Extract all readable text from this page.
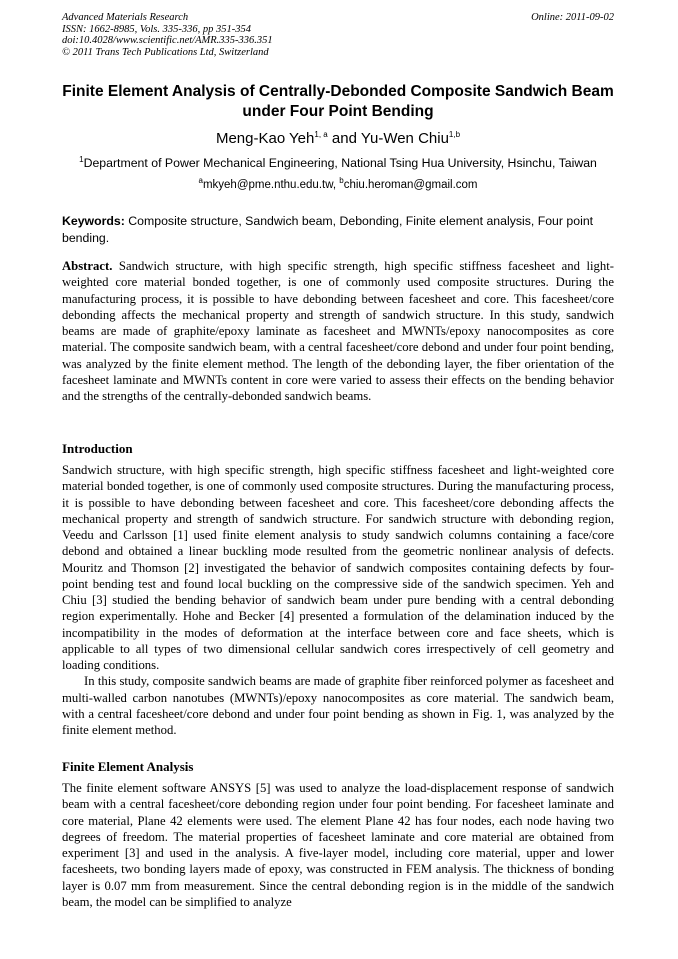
Advanced Materials Research
ISSN: 1662-8985, Vols. 335-336, pp 351-354
doi:10.4028/www.scientific.net/AMR.335-336.351
© 2011 Trans Tech Publications Ltd, Switzerland
Online: 2011-09-02
Finite Element Analysis of Centrally-Debonded Composite Sandwich Beam under Four Point Bending
Meng-Kao Yeh$^{1, a}$ and Yu-Wen Chiu$^{1,b}$
$^1$Department of Power Mechanical Engineering, National Tsing Hua University, Hsinchu, Taiwan
$^a$mkyeh@pme.nthu.edu.tw, $^b$chiu.heroman@gmail.com
Keywords: Composite structure, Sandwich beam, Debonding, Finite element analysis, Four point bending.
Abstract. Sandwich structure, with high specific strength, high specific stiffness facesheet and light-weighted core material bonded together, is one of commonly used composite structures. During the manufacturing process, it is possible to have debonding between facesheet and core. This facesheet/core debonding affects the mechanical property and strength of sandwich structure. In this study, sandwich beams are made of graphite/epoxy laminate as facesheet and MWNTs/epoxy nanocomposites as core material. The composite sandwich beam, with a central facesheet/core debond and under four point bending, was analyzed by the finite element method. The length of the debonding layer, the fiber orientation of the facesheet laminate and MWNTs content in core were varied to assess their effects on the bending behavior and the strengths of the centrally-debonded sandwich beams.
Introduction

Sandwich structure, with high specific strength, high specific stiffness facesheet and light-weighted core material bonded together, is one of commonly used composite structures. During the manufacturing process, it is possible to have debonding between facesheet and core. This facesheet/core debonding affects the mechanical property and strength of sandwich structure. For sandwich structure with debonding region, Veedu and Carlsson [1] used finite element analysis to study sandwich columns containing a face/core debond and obtained a linear buckling mode resulted from the geometric nonlinear analysis of defects. Mouritz and Thomson [2] investigated the behavior of sandwich composites containing defects by four-point bending test and found local buckling on the compressive side of the sandwich specimen. Yeh and Chiu [3] studied the bending behavior of sandwich beam under pure bending with a central debonding region experimentally. Hohe and Becker [4] presented a formulation of the delamination induced by the incompatibility in the modes of deformation at the interface between core and face sheets, which is applicable to all types of two dimensional cellular sandwich cores irrespectively of cell geometry and loading conditions.

In this study, composite sandwich beams are made of graphite fiber reinforced polymer as facesheet and multi-walled carbon nanotubes (MWNTs)/epoxy nanocomposites as core material. The sandwich beam, with a central facesheet/core debond and under four point bending as shown in Fig. 1, was analyzed by the finite element method.

Finite Element Analysis

The finite element software ANSYS [5] was used to analyze the load-displacement response of sandwich beam with a central facesheet/core debonding region under four point bending. For facesheet laminate and core material, Plane 42 elements were used. The element Plane 42 has four nodes, each node having two degrees of freedom. The material properties of facesheet laminate and core material are obtained from experiment [3] and used in the analysis. A five-layer model, including core material, upper and lower facesheets, two bonding layers made of epoxy, was constructed in FEM analysis. The thickness of bonding layer is 0.07 mm from measurement. Since the central debonding region is in the middle of the sandwich beam, the model can be simplified to analyze
